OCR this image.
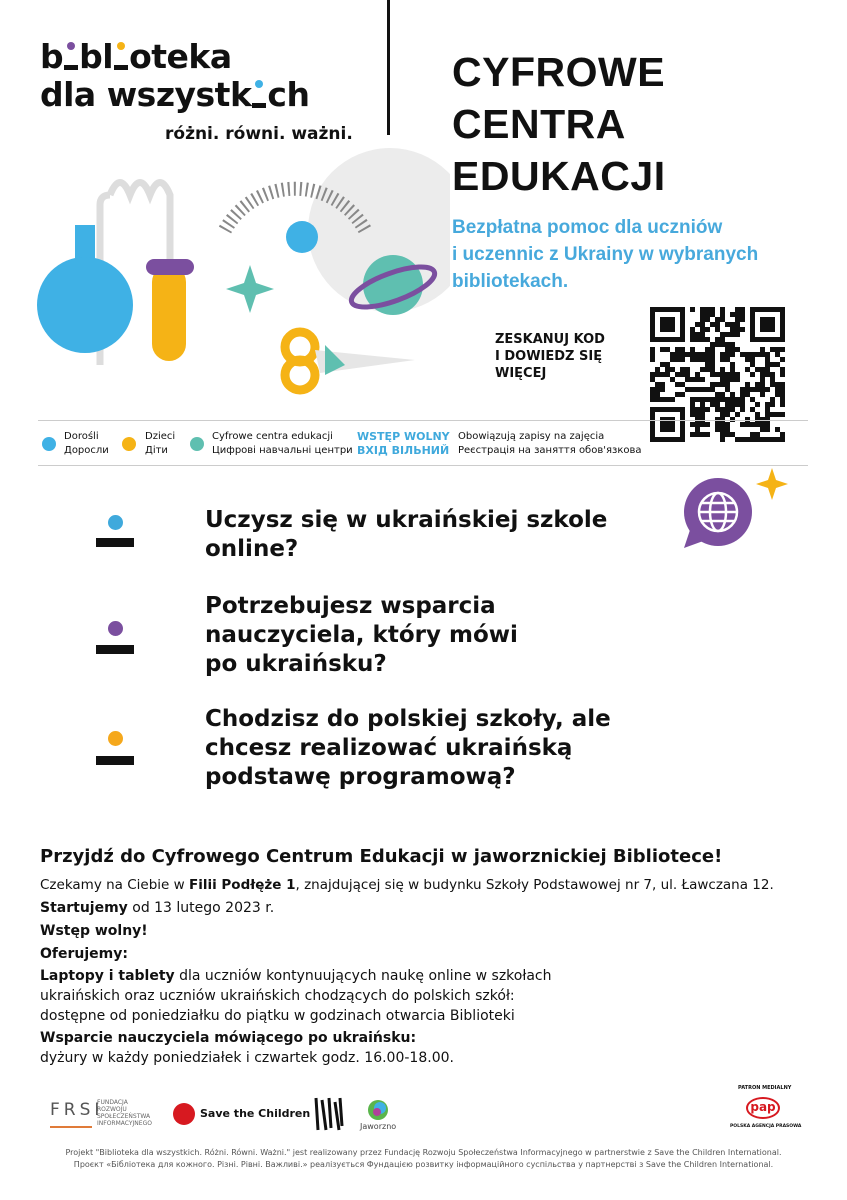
b bl oteka
dla wszystk ch
różni. równi. ważni.
CYFROWE
CENTRA
EDUKACJI
Bezpłatna pomoc dla uczniów
i uczennic z Ukrainy w wybranych
bibliotekach.
ZESKANUJ KOD
I DOWIEDZ SIĘ
WIĘCEJ
Dorośli
Доросли
Dzieci
Діти
Cyfrowe centra edukacji
Цифровi навчальнi центри
WSTĘP WOLNY
ВХІД ВІЛЬНИЙ
Obowiązują zapisy na zajęcia
Реєстрація на заняття обов'язкова
Uczysz się w ukraińskiej szkole
online?
Potrzebujesz wsparcia
nauczyciela, który mówi
po ukraińsku?
Chodzisz do polskiej szkoły, ale
chcesz realizować ukraińską
podstawę programową?
Przyjdź do Cyfrowego Centrum Edukacji w jaworznickiej Bibliotece!
Czekamy na Ciebie w Filii Podłęże 1, znajdującej się w budynku Szkoły Podstawowej nr 7, ul. Ławczana 12.
Startujemy od 13 lutego 2023 r.
Wstęp wolny!
Oferujemy:
Laptopy i tablety dla uczniów kontynuujących naukę online w szkołach
ukraińskich oraz uczniów ukraińskich chodzących do polskich szkół:
dostępne od poniedziałku do piątku w godzinach otwarcia Biblioteki
Wsparcie nauczyciela mówiącego po ukraińsku:
dyżury w każdy poniedziałek i czwartek godz. 16.00-18.00.
FRSI
FUNDACJA
ROZWOJU
SPOŁECZEŃSTWA
INFORMACYJNEGO
Save the Children
Jaworzno
PATRON MEDIALNY
pap
POLSKA AGENCJA PRASOWA
Projekt "Biblioteka dla wszystkich. Różni. Równi. Ważni." jest realizowany przez Fundację Rozwoju Społeczeństwa Informacyjnego w partnerstwie z Save the Children International.
Проєкт «Бібліотека для кожного. Різні. Рівні. Важливі.» реалізується Фундацією розвитку інформаційного суспільства у партнерстві з Save the Children International.
